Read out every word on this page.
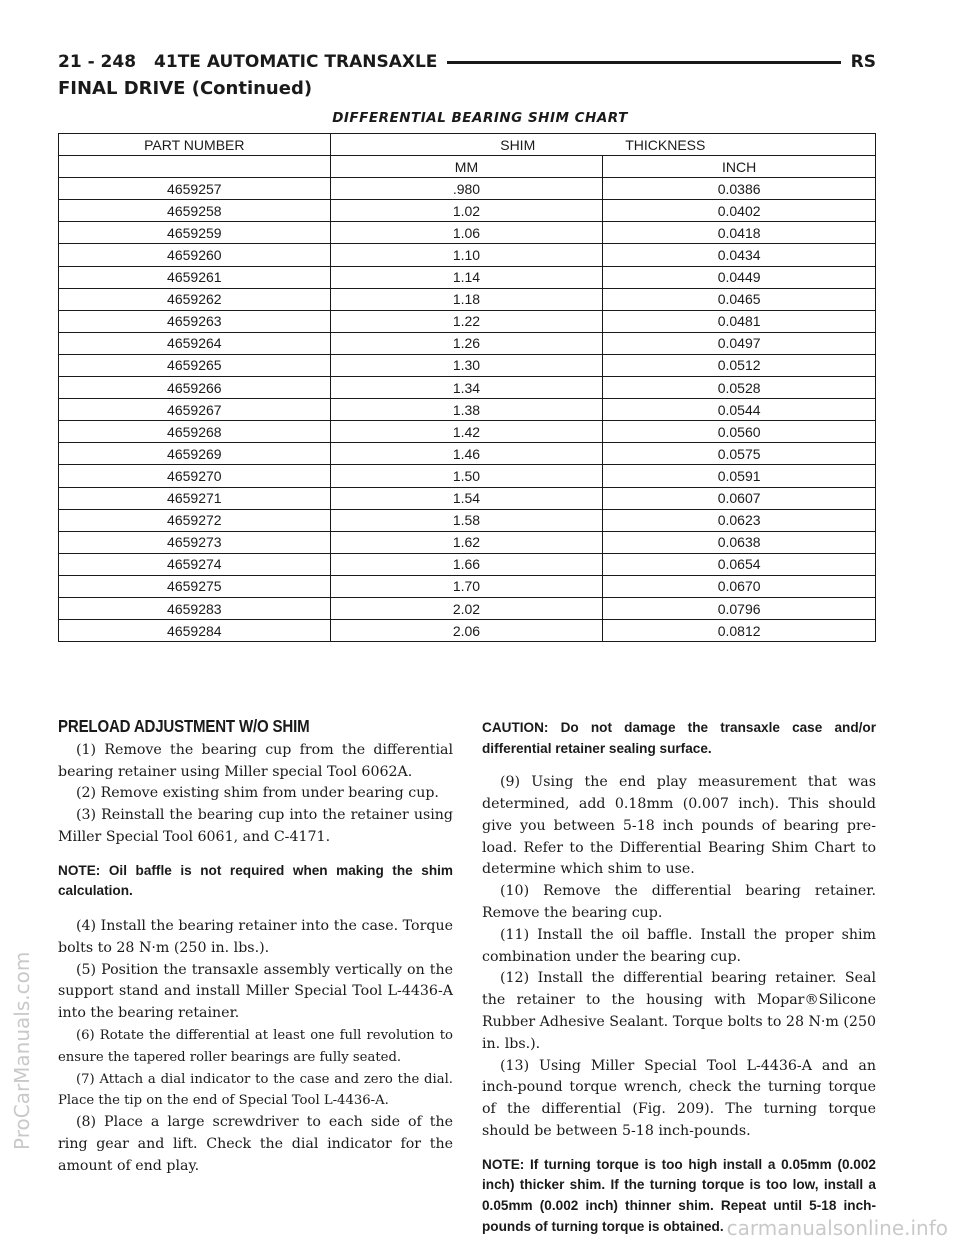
21 - 248 41TE AUTOMATIC TRANSAXLE	RS
FINAL DRIVE (Continued)
DIFFERENTIAL BEARING SHIM CHART
PART NUMBER	SHIM THICKNESS	

	MM	INCH
4659257	.980	0.0386
4659258	1.02	0.0402
4659259	1.06	0.0418
4659260	1.10	0.0434
4659261	1.14	0.0449
4659262	1.18	0.0465
4659263	1.22	0.0481
4659264	1.26	0.0497
4659265	1.30	0.0512
4659266	1.34	0.0528
4659267	1.38	0.0544
4659268	1.42	0.0560
4659269	1.46	0.0575
4659270	1.50	0.0591
4659271	1.54	0.0607
4659272	1.58	0.0623
4659273	1.62	0.0638
4659274	1.66	0.0654
4659275	1.70	0.0670
4659283	2.02	0.0796
4659284	2.06	0.0812
PRELOAD ADJUSTMENT W/O SHIM

(1) Remove the bearing cup from the differential bearing retainer using Miller special Tool 6062A.

(2) Remove existing shim from under bearing cup.

(3) Reinstall the bearing cup into the retainer using Miller Special Tool 6061, and C-4171.

NOTE: Oil baffle is not required when making the shim calculation.

(4) Install the bearing retainer into the case. Torque bolts to 28 N·m (250 in. lbs.).

(5) Position the transaxle assembly vertically on the support stand and install Miller Special Tool L-4436-A into the bearing retainer.

(6) Rotate the differential at least one full revolution to ensure the tapered roller bearings are fully seated.

(7) Attach a dial indicator to the case and zero the dial. Place the tip on the end of Special Tool L-4436-A.

(8) Place a large screwdriver to each side of the ring gear and lift. Check the dial indicator for the amount of end play.

CAUTION: Do not damage the transaxle case and/or differential retainer sealing surface.

(9) Using the end play measurement that was determined, add 0.18mm (0.007 inch). This should give you between 5-18 inch pounds of bearing pre-load. Refer to the Differential Bearing Shim Chart to determine which shim to use.

(10) Remove the differential bearing retainer. Remove the bearing cup.

(11) Install the oil baffle. Install the proper shim combination under the bearing cup.

(12) Install the differential bearing retainer. Seal the retainer to the housing with Mopar®Silicone Rubber Adhesive Sealant. Torque bolts to 28 N·m (250 in. lbs.).

(13) Using Miller Special Tool L-4436-A and an inch-pound torque wrench, check the turning torque of the differential (Fig. 209). The turning torque should be between 5-18 inch-pounds.

NOTE: If turning torque is too high install a 0.05mm (0.002 inch) thicker shim. If the turning torque is too low, install a 0.05mm (0.002 inch) thinner shim. Repeat until 5-18 inch-pounds of turning torque is obtained.

ProCarManuals.com
carmanualsonline.info
